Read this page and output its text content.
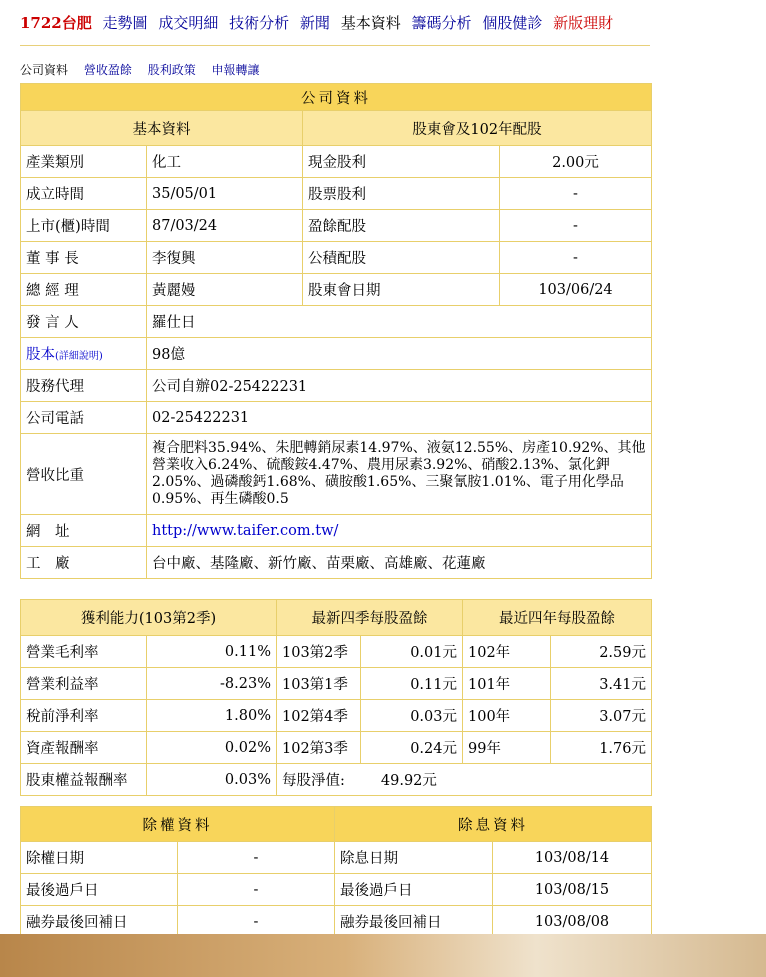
1722台肥 走勢圖 成交明細 技術分析 新聞 基本資料 籌碼分析 個股健診 新版理財
公司資料 營收盈餘 股利政策 申報轉讓
公司資料			
基本資料		股東會及102年配股	
產業類別	化工	現金股利	2.00元
成立時間	35/05/01	股票股利	-
上市(櫃)時間	87/03/24	盈餘配股	-
董 事 長	李復興	公積配股	-
總 經 理	黃麗嫚	股東會日期	103/06/24
發 言 人	羅仕日		
股本(詳細說明)	98億		
股務代理	公司自辦02-25422231		
公司電話	02-25422231		
營收比重	複合肥料35.94%、朱肥轉銷尿素14.97%、液氨12.55%、房產10.92%、其他營業收入6.24%、硫酸銨4.47%、農用尿素3.92%、硝酸2.13%、氯化鉀2.05%、過磷酸鈣1.68%、磺胺酸1.65%、三聚氰胺1.01%、電子用化學品0.95%、再生磷酸0.5		
網　址	http://www.taifer.com.tw/		
工　廠	台中廠、基隆廠、新竹廠、苗栗廠、高雄廠、花蓮廠		
獲利能力(103第2季)		最新四季每股盈餘		最近四年每股盈餘	
營業毛利率	0.11%	103第2季	0.01元	102年	2.59元
營業利益率	-8.23%	103第1季	0.11元	101年	3.41元
稅前淨利率	1.80%	102第4季	0.03元	100年	3.07元
資產報酬率	0.02%	102第3季	0.24元	99年	1.76元
股東權益報酬率	0.03%	每股淨值: 49.92元			
除權資料		除息資料	
除權日期	-	除息日期	103/08/14
最後過戶日	-	最後過戶日	103/08/15
融券最後回補日	-	融券最後回補日	103/08/08
